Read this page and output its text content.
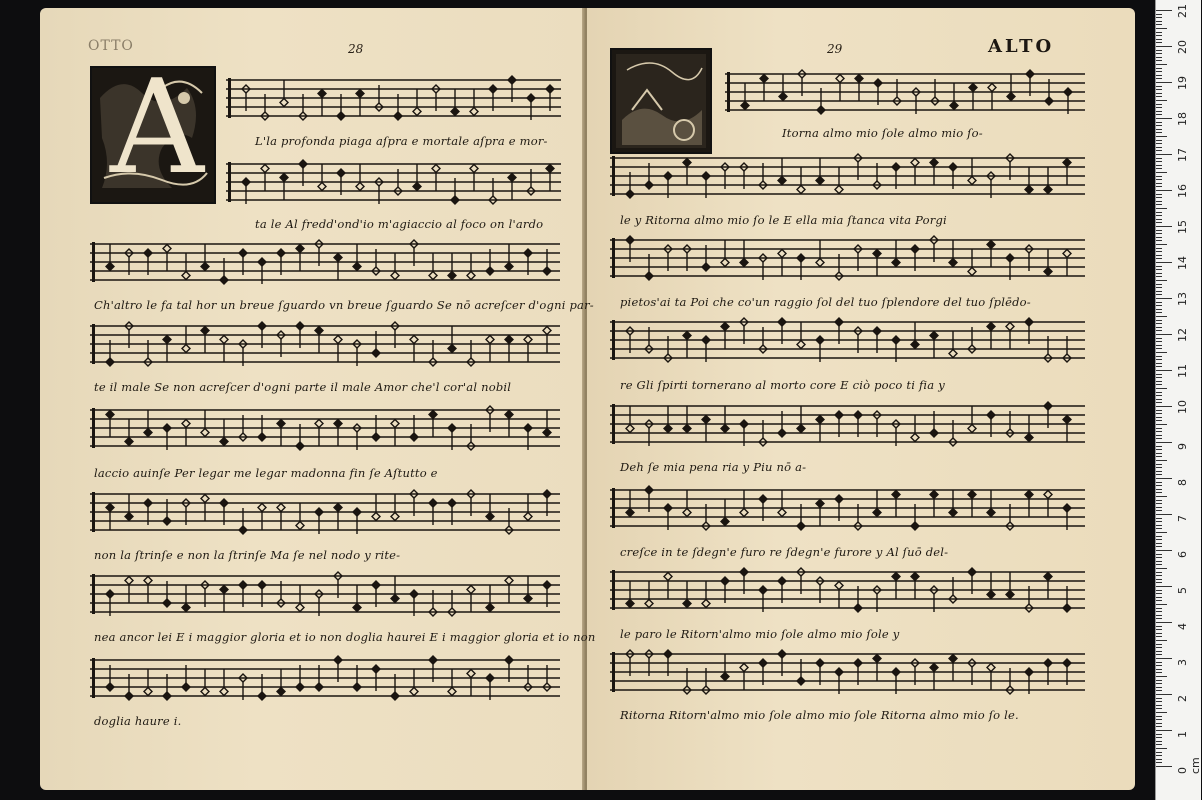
OTTO	28
A
29	ALTO
L'la profonda piaga aſpra e mortale aſpra e mor-
ta le Al fredd'ond'io m'agiaccio al foco on l'ardo
Ch'altro le fa tal hor un breue ſguardo vn breue ſguardo Se nō acreſcer d'ogni par-
te il male Se non acreſcer d'ogni parte il male Amor che'l cor'al nobil
laccio auinſe Per legar me legar madonna fin ſe Aſtutto e
non la ſtrinſe e non la ſtrinſe Ma ſe nel nodo y rite-
nea ancor lei E i maggior gloria et io non doglia haurei E i maggior gloria et io non
doglia haure i.
Itorna almo mio ſole almo mio ſo-
le y Ritorna almo mio ſo le E ella mia ſtanca vita Porgi
pietos'ai ta Poi che co'un raggio ſol del tuo ſplendore del tuo ſplēdo-
re Gli ſpirti tornerano al morto core E ciò poco ti fia y
Deh ſe mia pena ria y Piu nō a-
creſce in te ſdegn'e furo re ſdegn'e furore y Al ſuō del-
le paro le Ritorn'almo mio ſole almo mio ſole y
Ritorna Ritorn'almo mio ſole almo mio ſole Ritorna almo mio ſo le.
21
20
19
18
17
16
15
14
13
12
11
10
9
8
7
6
5
4
3
2
1
0 cm
